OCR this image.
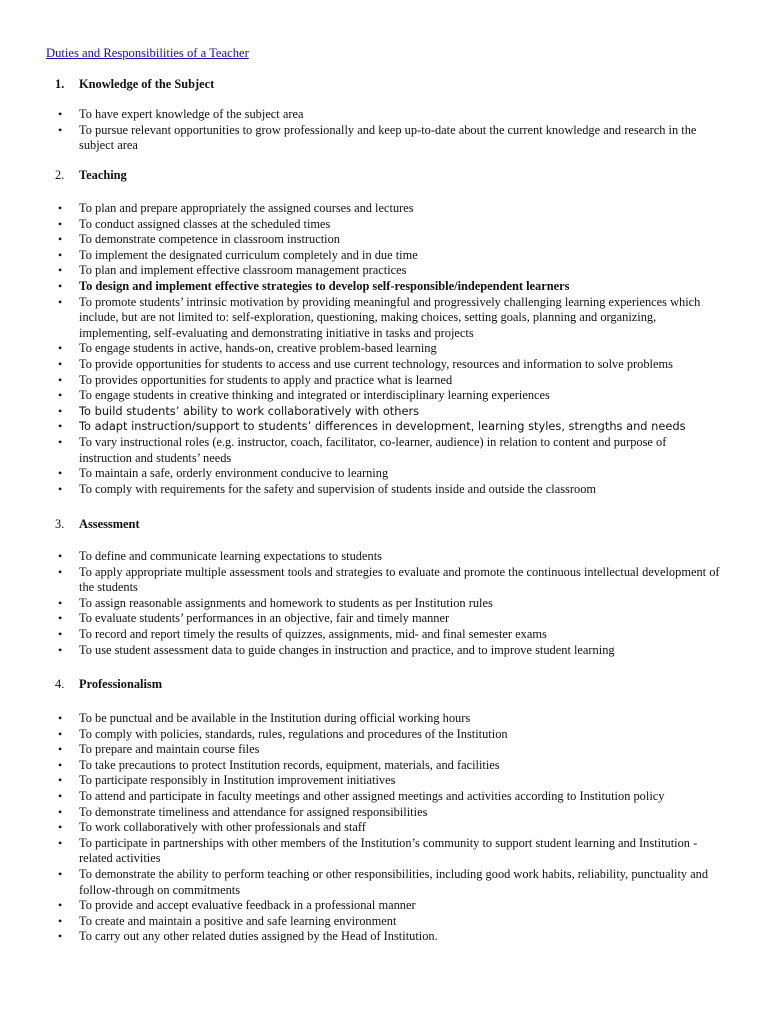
Duties and Responsibilities of a Teacher
1.	Knowledge of the Subject
• To have expert knowledge of the subject area
• To pursue relevant opportunities to grow professionally and keep up-to-date about the current knowledge and research in the subject area
2.	Teaching
• To plan and prepare appropriately the assigned courses and lectures
• To conduct assigned classes at the scheduled times
• To demonstrate competence in classroom instruction
• To implement the designated curriculum completely and in due time
• To plan and implement effective classroom management practices
• To design and implement effective strategies to develop self-responsible/independent learners
• To promote students’ intrinsic motivation by providing meaningful and progressively challenging learning experiences which include, but are not limited to: self-exploration, questioning, making choices, setting goals, planning and organizing, implementing, self-evaluating and demonstrating initiative in tasks and projects
• To engage students in active, hands-on, creative problem-based learning
• To provide opportunities for students to access and use current technology, resources and information to solve problems
• To provides opportunities for students to apply and practice what is learned
• To engage students in creative thinking and integrated or interdisciplinary learning experiences
• To build students’ ability to work collaboratively with others
• To adapt instruction/support to students’ differences in development, learning styles, strengths and needs
• To vary instructional roles (e.g. instructor, coach, facilitator, co-learner, audience) in relation to content and purpose of instruction and students’ needs
• To maintain a safe, orderly environment conducive to learning
• To comply with requirements for the safety and supervision of students inside and outside the classroom
3.	Assessment
• To define and communicate learning expectations to students
• To apply appropriate multiple assessment tools and strategies to evaluate and promote the continuous intellectual development of the students
• To assign reasonable assignments and homework to students as per Institution rules
• To evaluate students’ performances in an objective, fair and timely manner
• To record and report timely the results of quizzes, assignments, mid- and final semester exams
• To use student assessment data to guide changes in instruction and practice, and to improve student learning
4.	Professionalism
• To be punctual and be available in the Institution during official working hours
• To comply with policies, standards, rules, regulations and procedures of the Institution
• To prepare and maintain course files
• To take precautions to protect Institution records, equipment, materials, and facilities
• To participate responsibly in Institution improvement initiatives
• To attend and participate in faculty meetings and other assigned meetings and activities according to Institution policy
• To demonstrate timeliness and attendance for assigned responsibilities
• To work collaboratively with other professionals and staff
• To participate in partnerships with other members of the Institution’s community to support student learning and Institution - related activities
• To demonstrate the ability to perform teaching or other responsibilities, including good work habits, reliability, punctuality and follow-through on commitments
• To provide and accept evaluative feedback in a professional manner
• To create and maintain a positive and safe learning environment
• To carry out any other related duties assigned by the Head of Institution.
